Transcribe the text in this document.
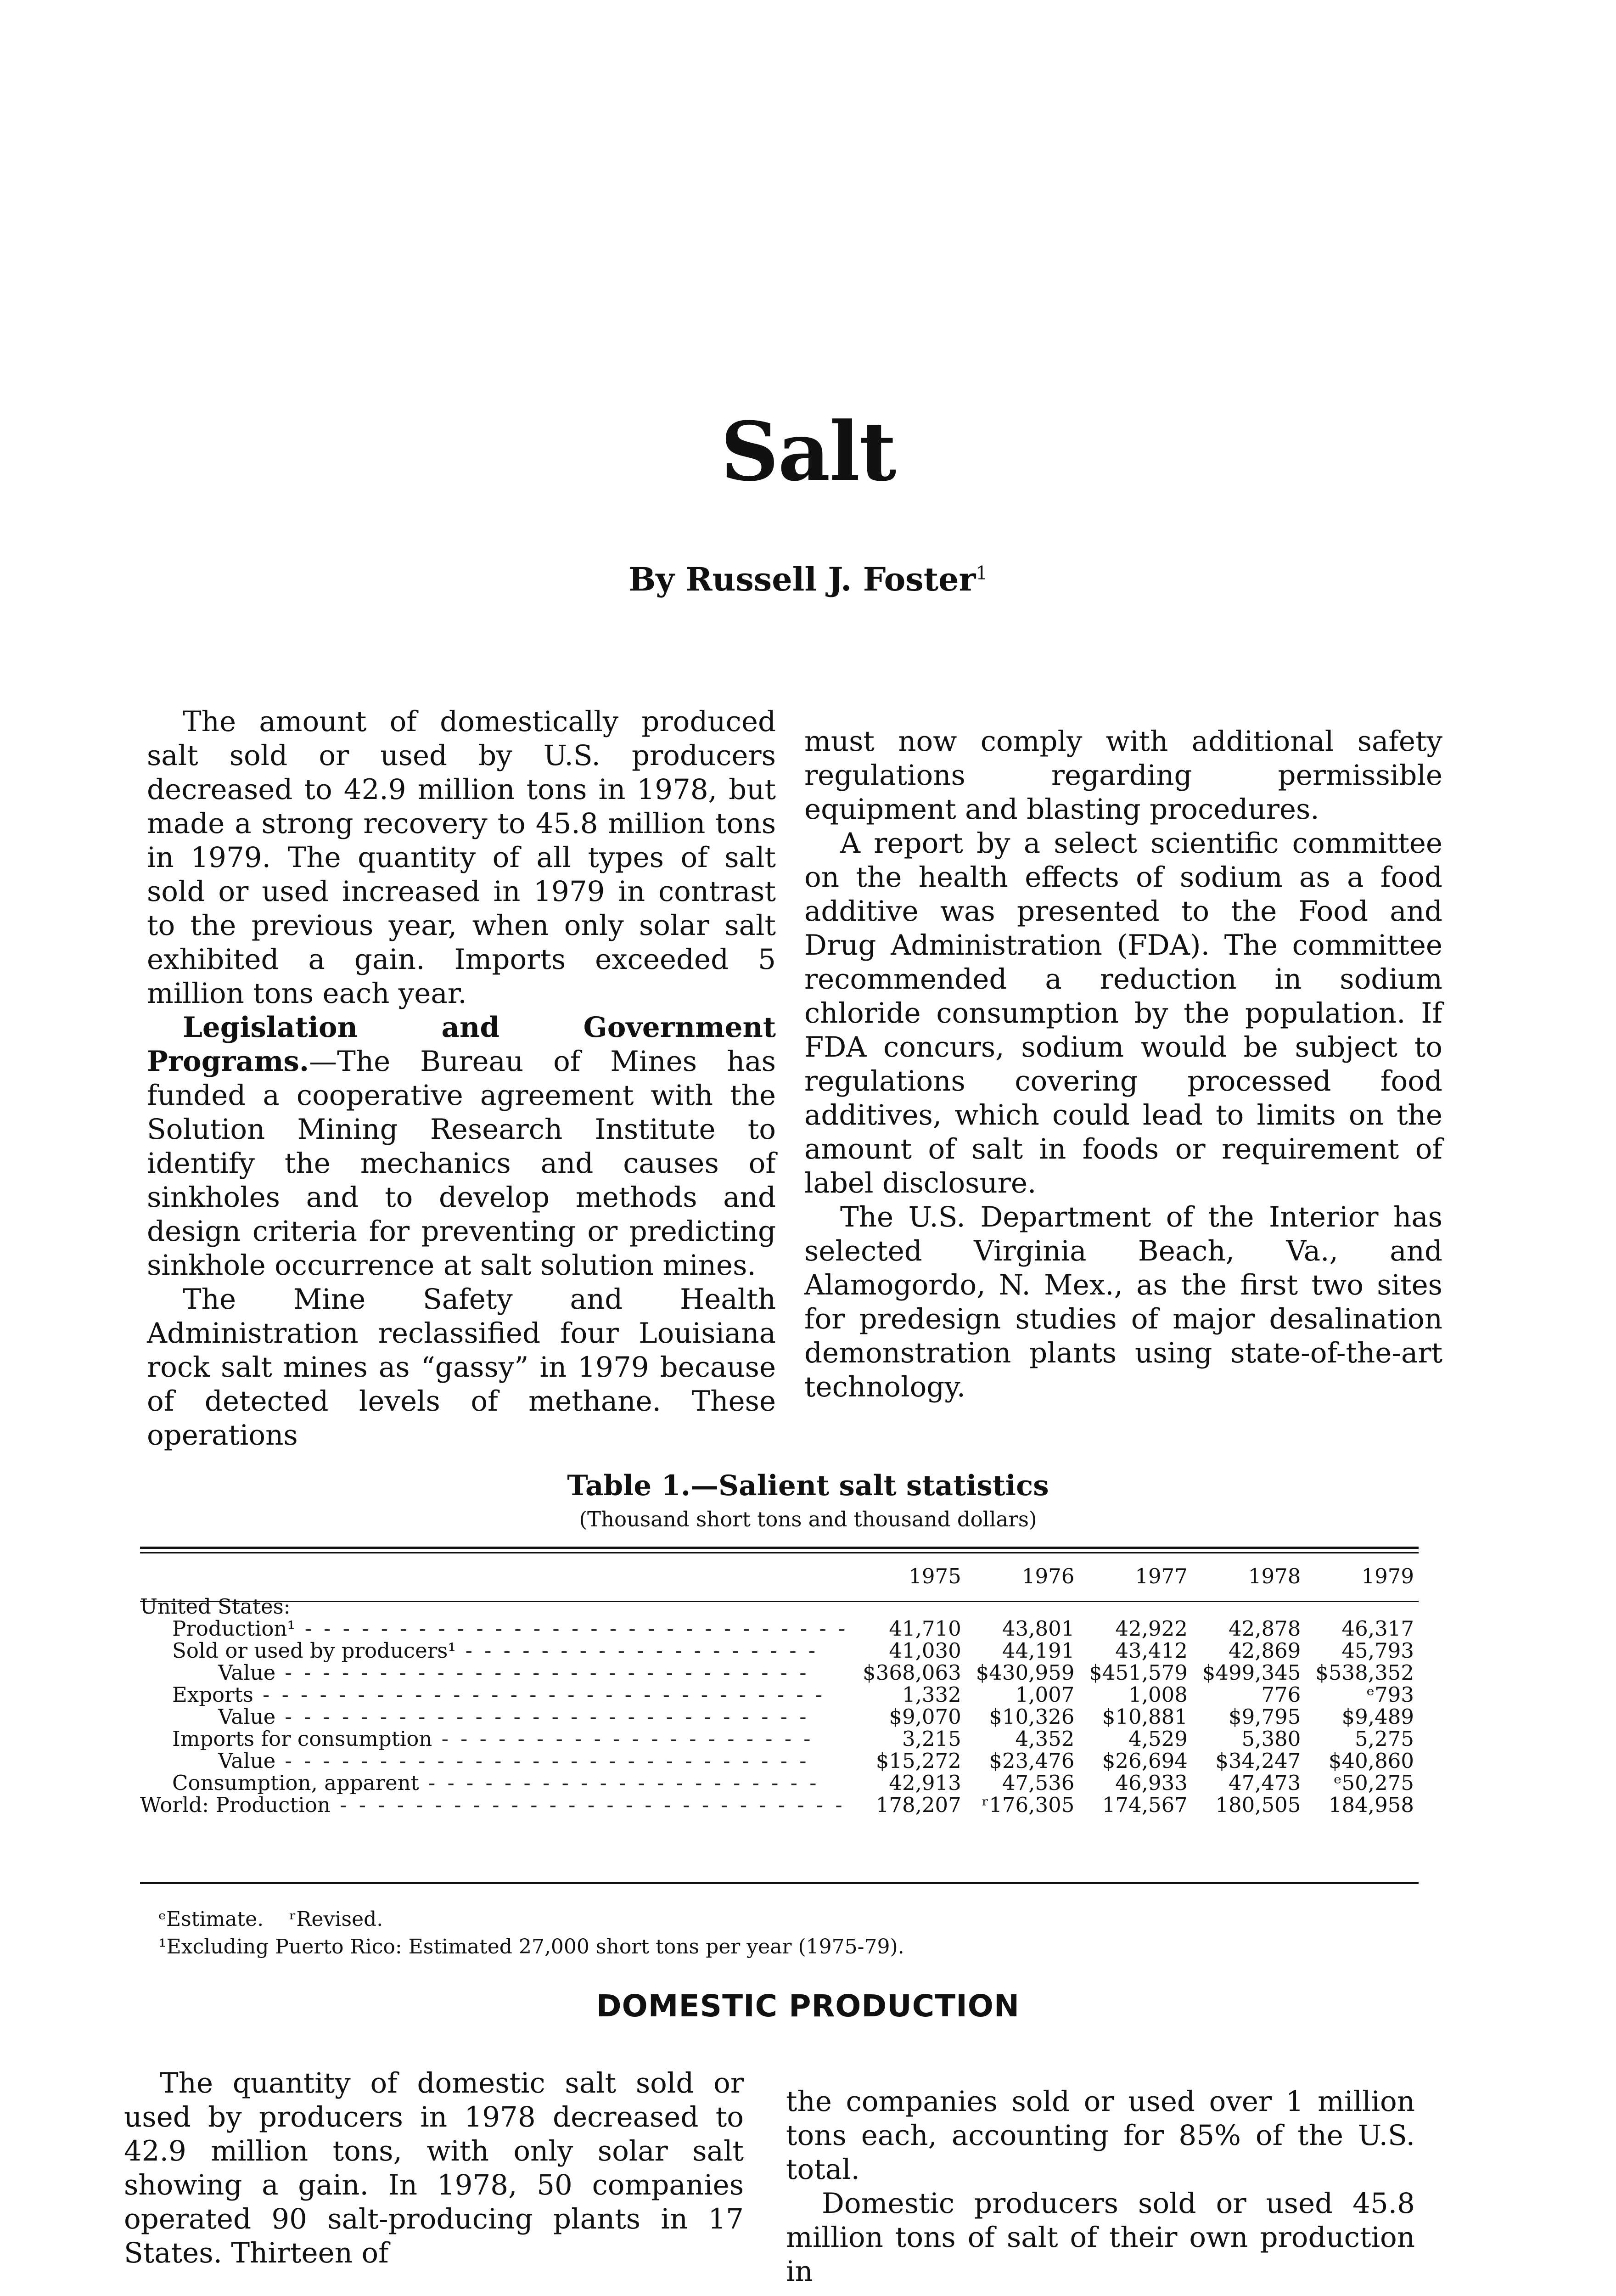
Salt
By Russell J. Foster$^1$

The amount of domestically produced salt sold or used by U.S. producers decreased to 42.9 million tons in 1978, but made a strong recovery to 45.8 million tons in 1979. The quantity of all types of salt sold or used increased in 1979 in contrast to the previous year, when only solar salt exhibited a gain. Imports exceeded 5 million tons each year.

Legislation and Government Programs.—The Bureau of Mines has funded a cooperative agreement with the Solution Mining Research Institute to identify the mechanics and causes of sinkholes and to develop methods and design criteria for preventing or predicting sinkhole occurrence at salt solution mines.

The Mine Safety and Health Administration reclassified four Louisiana rock salt mines as “gassy” in 1979 because of detected levels of methane. These operations

must now comply with additional safety regulations regarding permissible equipment and blasting procedures.

A report by a select scientific committee on the health effects of sodium as a food additive was presented to the Food and Drug Administration (FDA). The committee recommended a reduction in sodium chloride consumption by the population. If FDA concurs, sodium would be subject to regulations covering processed food additives, which could lead to limits on the amount of salt in foods or requirement of label disclosure.

The U.S. Department of the Interior has selected Virginia Beach, Va., and Alamogordo, N. Mex., as the first two sites for predesign studies of major desalination demonstration plants using state-of-the-art technology.

Table 1.—Salient salt statistics
(Thousand short tons and thousand dollars)
	1975	1976	1977	1978	1979
United States:					
Production¹ - - - - - - - - - - - - - - - - - - - - - - - - - - - - -	41,710	43,801	42,922	42,878	46,317
Sold or used by producers¹ - - - - - - - - - - - - - - - - - - -	41,030	44,191	43,412	42,869	45,793
Value - - - - - - - - - - - - - - - - - - - - - - - - - - - -	$368,063	$430,959	$451,579	$499,345	$538,352
Exports - - - - - - - - - - - - - - - - - - - - - - - - - - - - - -	1,332	1,007	1,008	776	ᵉ793
Value - - - - - - - - - - - - - - - - - - - - - - - - - - - -	$9,070	$10,326	$10,881	$9,795	$9,489
Imports for consumption - - - - - - - - - - - - - - - - - - - -	3,215	4,352	4,529	5,380	5,275
Value - - - - - - - - - - - - - - - - - - - - - - - - - - - -	$15,272	$23,476	$26,694	$34,247	$40,860
Consumption, apparent - - - - - - - - - - - - - - - - - - - - -	42,913	47,536	46,933	47,473	ᵉ50,275
World: Production - - - - - - - - - - - - - - - - - - - - - - - - - - -	178,207	ʳ176,305	174,567	180,505	184,958
ᵉEstimate. ʳRevised.
¹Excluding Puerto Rico: Estimated 27,000 short tons per year (1975-79).
DOMESTIC PRODUCTION

The quantity of domestic salt sold or used by producers in 1978 decreased to 42.9 million tons, with only solar salt showing a gain. In 1978, 50 companies operated 90 salt-producing plants in 17 States. Thirteen of

the companies sold or used over 1 million tons each, accounting for 85% of the U.S. total.

Domestic producers sold or used 45.8 million tons of salt of their own production in
